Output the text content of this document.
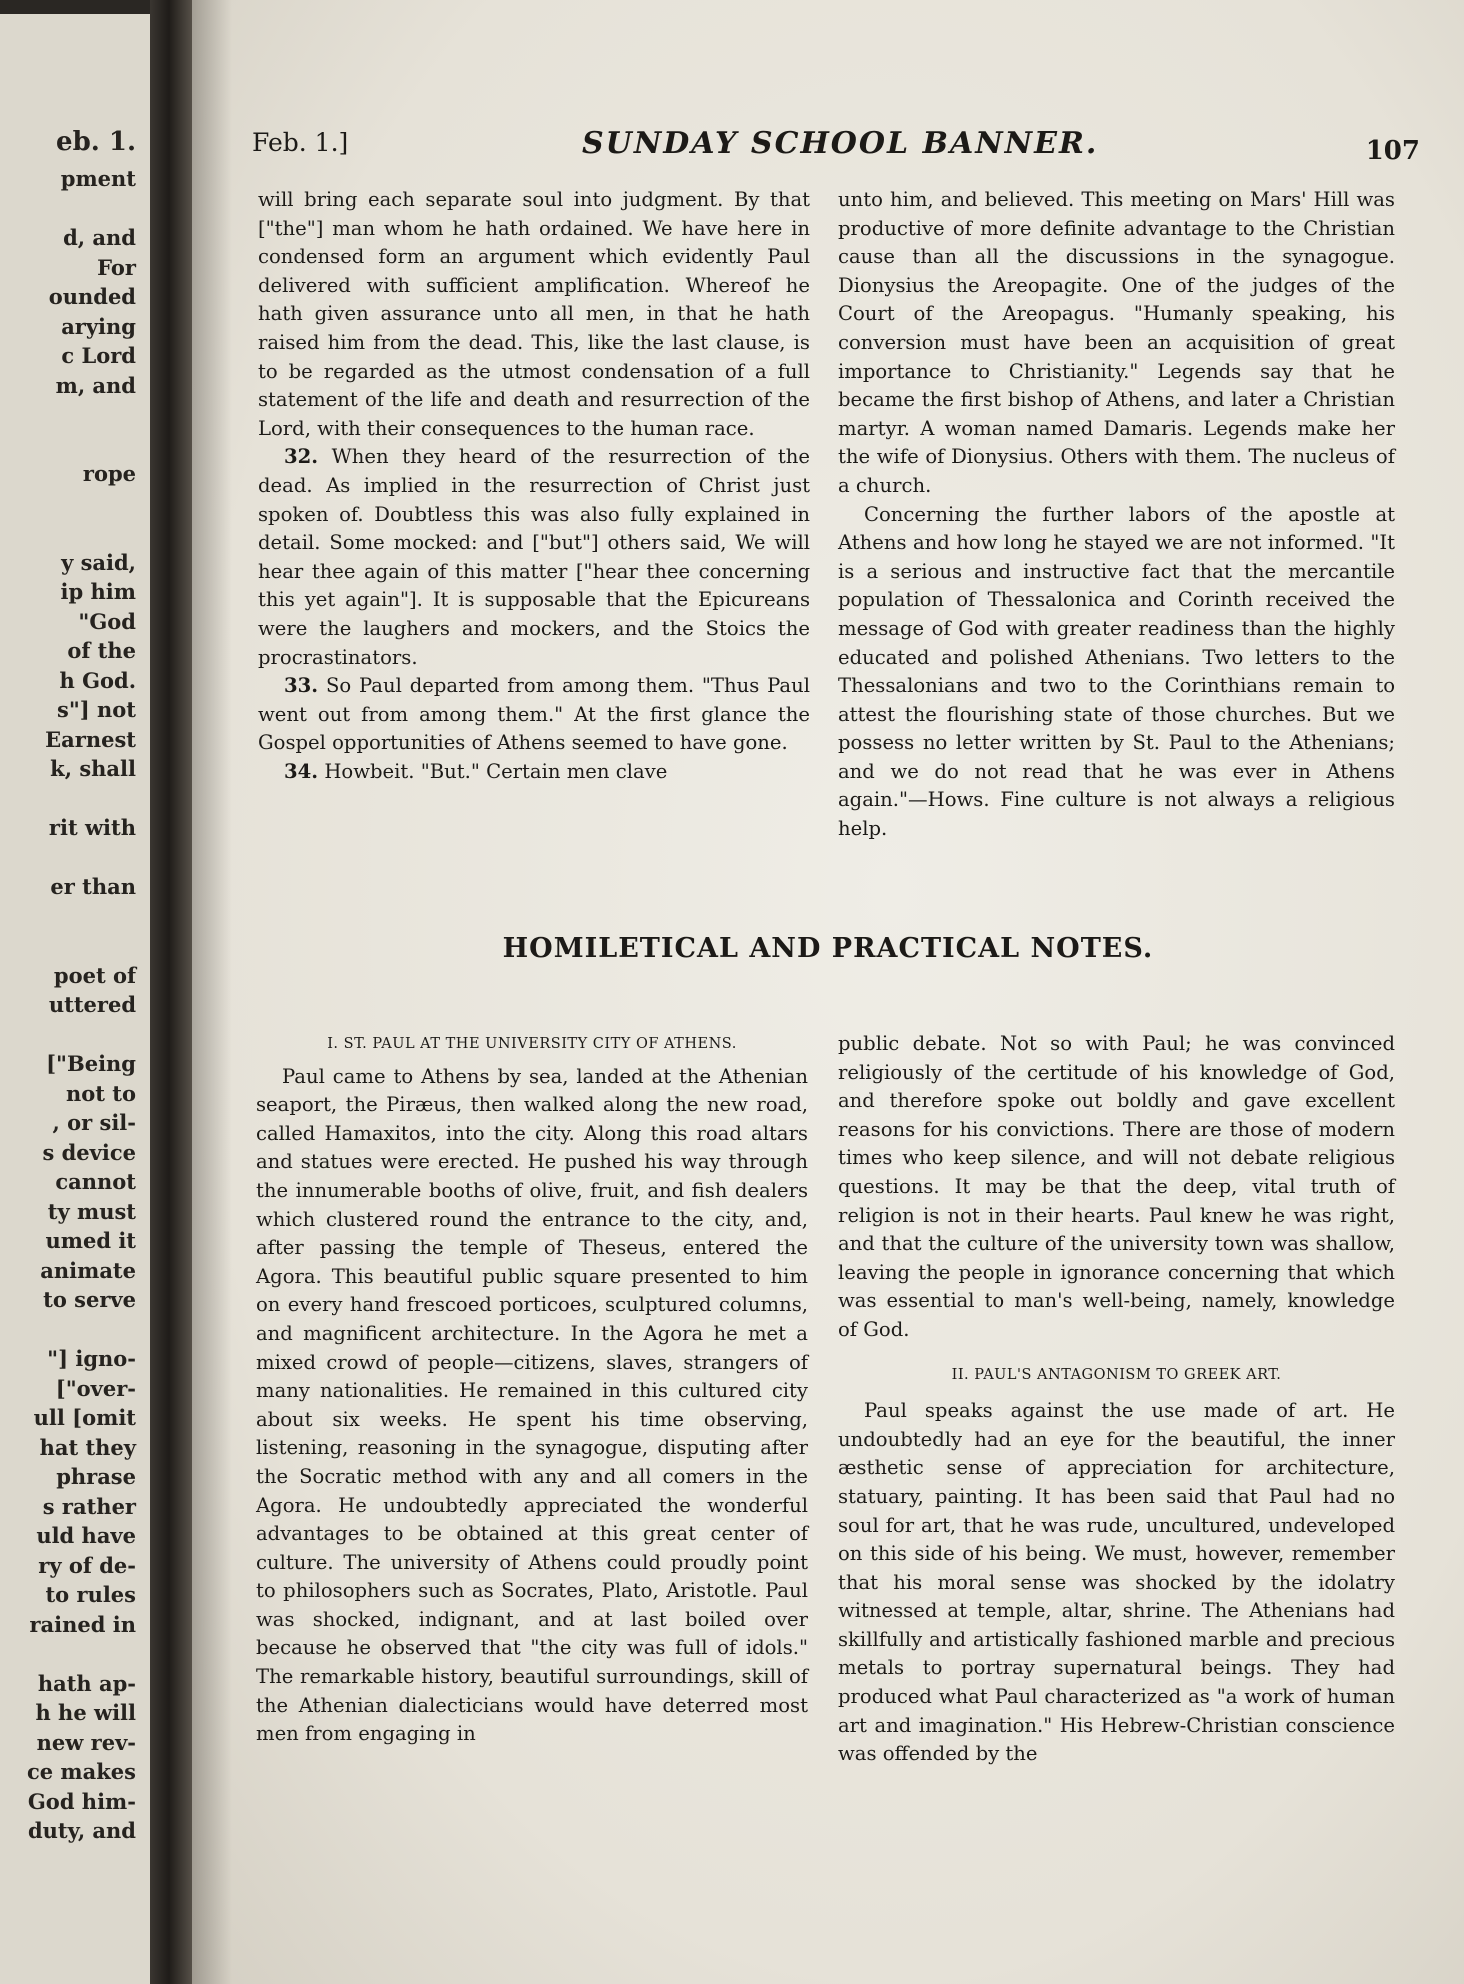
eb. 1.
pment
d, and
For
ounded
arying
c Lord
m, and
rope
y said,
ip him
"God
of the
h God.
s"] not
Earnest
k, shall
rit with
er than
poet of
uttered
["Being
not to
, or sil-
s device
cannot
ty must
umed it
animate
to serve
"] igno-
["over-
ull [omit
hat they
phrase
s rather
uld have
ry of de-
to rules
rained in
hath ap-
h he will
new rev-
ce makes
God him-
duty, and
Feb. 1.]	SUNDAY SCHOOL BANNER.	107

will bring each separate soul into judgment. By that ["the"] man whom he hath ordained. We have here in condensed form an argument which evidently Paul delivered with sufficient amplification. Whereof he hath given assurance unto all men, in that he hath raised him from the dead. This, like the last clause, is to be regarded as the utmost condensation of a full statement of the life and death and resurrection of the Lord, with their consequences to the human race.

32. When they heard of the resurrection of the dead. As implied in the resurrection of Christ just spoken of. Doubtless this was also fully explained in detail. Some mocked: and ["but"] others said, We will hear thee again of this matter ["hear thee concerning this yet again"]. It is supposable that the Epicureans were the laughers and mockers, and the Stoics the procrastinators.

33. So Paul departed from among them. "Thus Paul went out from among them." At the first glance the Gospel opportunities of Athens seemed to have gone.

34. Howbeit. "But." Certain men clave

unto him, and believed. This meeting on Mars' Hill was productive of more definite advantage to the Christian cause than all the discussions in the synagogue. Dionysius the Areopagite. One of the judges of the Court of the Areopagus. "Humanly speaking, his conversion must have been an acquisition of great importance to Christianity." Legends say that he became the first bishop of Athens, and later a Christian martyr. A woman named Damaris. Legends make her the wife of Dionysius. Others with them. The nucleus of a church.

Concerning the further labors of the apostle at Athens and how long he stayed we are not informed. "It is a serious and instructive fact that the mercantile population of Thessalonica and Corinth received the message of God with greater readiness than the highly educated and polished Athenians. Two letters to the Thessalonians and two to the Corinthians remain to attest the flourishing state of those churches. But we possess no letter written by St. Paul to the Athenians; and we do not read that he was ever in Athens again."—Hows. Fine culture is not always a religious help.

HOMILETICAL AND PRACTICAL NOTES.
I. ST. PAUL AT THE UNIVERSITY CITY OF ATHENS.

Paul came to Athens by sea, landed at the Athenian seaport, the Piræus, then walked along the new road, called Hamaxitos, into the city. Along this road altars and statues were erected. He pushed his way through the innumerable booths of olive, fruit, and fish dealers which clustered round the entrance to the city, and, after passing the temple of Theseus, entered the Agora. This beautiful public square presented to him on every hand frescoed porticoes, sculptured columns, and magnificent architecture. In the Agora he met a mixed crowd of people—citizens, slaves, strangers of many nationalities. He remained in this cultured city about six weeks. He spent his time observing, listening, reasoning in the synagogue, disputing after the Socratic method with any and all comers in the Agora. He undoubtedly appreciated the wonderful advantages to be obtained at this great center of culture. The university of Athens could proudly point to philosophers such as Socrates, Plato, Aristotle. Paul was shocked, indignant, and at last boiled over because he observed that "the city was full of idols." The remarkable history, beautiful surroundings, skill of the Athenian dialecticians would have deterred most men from engaging in

public debate. Not so with Paul; he was convinced religiously of the certitude of his knowledge of God, and therefore spoke out boldly and gave excellent reasons for his convictions. There are those of modern times who keep silence, and will not debate religious questions. It may be that the deep, vital truth of religion is not in their hearts. Paul knew he was right, and that the culture of the university town was shallow, leaving the people in ignorance concerning that which was essential to man's well-being, namely, knowledge of God.

II. PAUL'S ANTAGONISM TO GREEK ART.

Paul speaks against the use made of art. He undoubtedly had an eye for the beautiful, the inner æsthetic sense of appreciation for architecture, statuary, painting. It has been said that Paul had no soul for art, that he was rude, uncultured, undeveloped on this side of his being. We must, however, remember that his moral sense was shocked by the idolatry witnessed at temple, altar, shrine. The Athenians had skillfully and artistically fashioned marble and precious metals to portray supernatural beings. They had produced what Paul characterized as "a work of human art and imagination." His Hebrew-Christian conscience was offended by the
